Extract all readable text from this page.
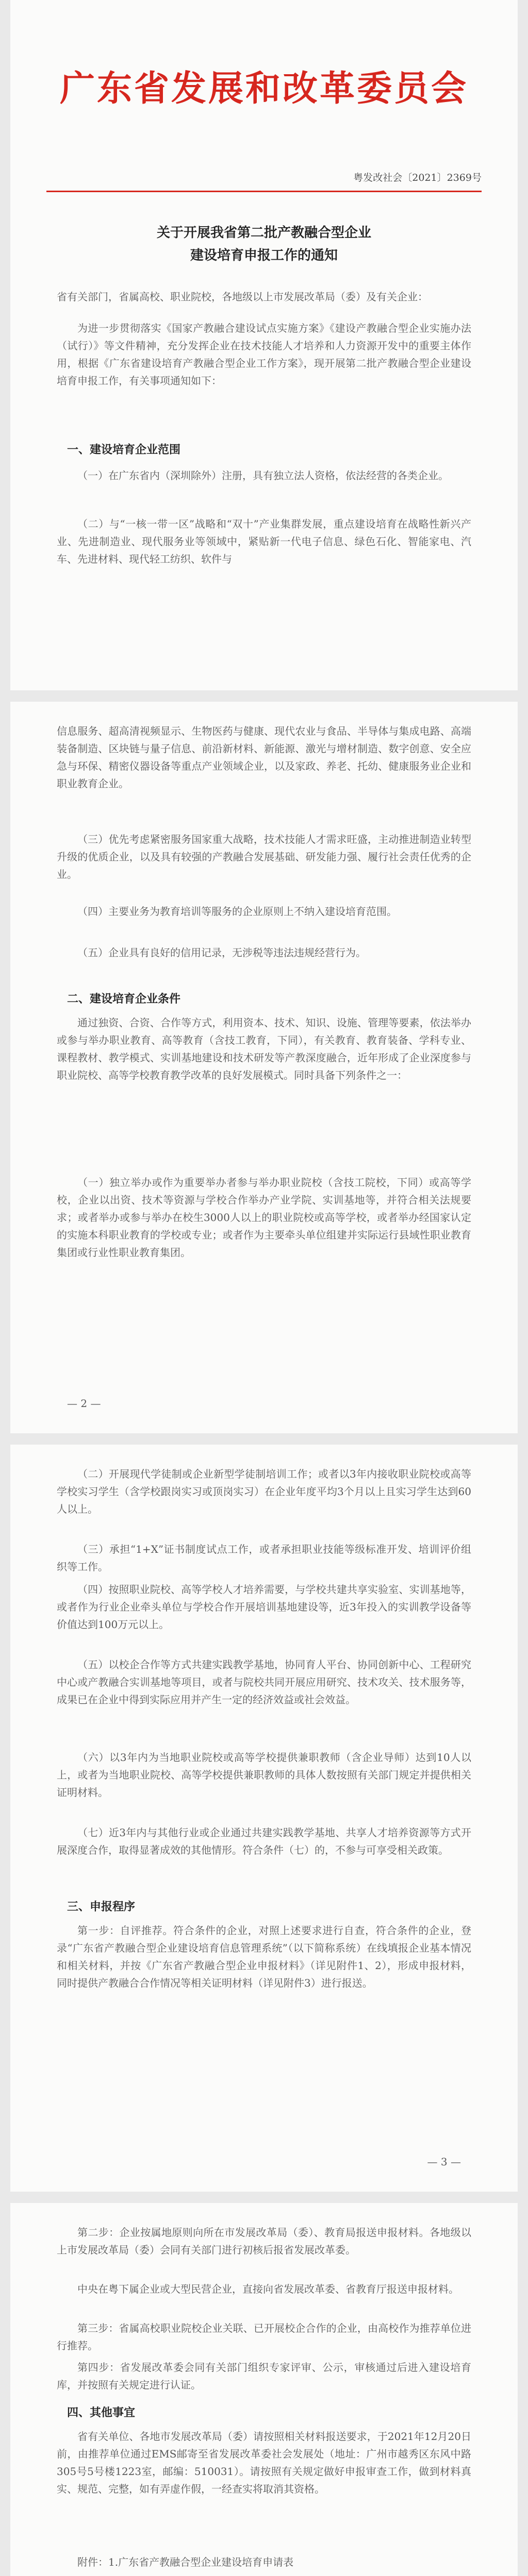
广东省发展和改革委员会
粤发改社会〔2021〕2369号
关于开展我省第二批产教融合型企业
建设培育申报工作的通知
省有关部门，省属高校、职业院校，各地级以上市发展改革局（委）及有关企业：
为进一步贯彻落实《国家产教融合建设试点实施方案》《建设产教融合型企业实施办法（试行）》等文件精神，充分发挥企业在技术技能人才培养和人力资源开发中的重要主体作用，根据《广东省建设培育产教融合型企业工作方案》，现开展第二批产教融合型企业建设培育申报工作，有关事项通知如下：
一、建设培育企业范围
（一）在广东省内（深圳除外）注册，具有独立法人资格，依法经营的各类企业。
（二）与“一核一带一区”战略和“双十”产业集群发展，重点建设培育在战略性新兴产业、先进制造业、现代服务业等领域中，紧贴新一代电子信息、绿色石化、智能家电、汽车、先进材料、现代轻工纺织、软件与
信息服务、超高清视频显示、生物医药与健康、现代农业与食品、半导体与集成电路、高端装备制造、区块链与量子信息、前沿新材料、新能源、激光与增材制造、数字创意、安全应急与环保、精密仪器设备等重点产业领域企业，以及家政、养老、托幼、健康服务业企业和职业教育企业。
（三）优先考虑紧密服务国家重大战略，技术技能人才需求旺盛，主动推进制造业转型升级的优质企业，以及具有较强的产教融合发展基础、研发能力强、履行社会责任优秀的企业。
（四）主要业务为教育培训等服务的企业原则上不纳入建设培育范围。
（五）企业具有良好的信用记录，无涉税等违法违规经营行为。
二、建设培育企业条件
通过独资、合资、合作等方式，利用资本、技术、知识、设施、管理等要素，依法举办或参与举办职业教育、高等教育（含技工教育，下同），有关教育、教育装备、学科专业、课程教材、教学模式、实训基地建设和技术研发等产教深度融合，近年形成了企业深度参与职业院校、高等学校教育教学改革的良好发展模式。同时具备下列条件之一：
（一）独立举办或作为重要举办者参与举办职业院校（含技工院校，下同）或高等学校，企业以出资、技术等资源与学校合作举办产业学院、实训基地等，并符合相关法规要求；或者举办或参与举办在校生3000人以上的职业院校或高等学校，或者举办经国家认定的实施本科职业教育的学校或专业；或者作为主要牵头单位组建并实际运行县域性职业教育集团或行业性职业教育集团。
— 2 —
（二）开展现代学徒制或企业新型学徒制培训工作；或者以3年内接收职业院校或高等学校实习学生（含学校跟岗实习或顶岗实习）在企业年度平均3个月以上且实习学生达到60人以上。
（三）承担“1+X”证书制度试点工作，或者承担职业技能等级标准开发、培训评价组织等工作。
（四）按照职业院校、高等学校人才培养需要，与学校共建共享实验室、实训基地等，或者作为行业企业牵头单位与学校合作开展培训基地建设等，近3年投入的实训教学设备等价值达到100万元以上。
（五）以校企合作等方式共建实践教学基地，协同育人平台、协同创新中心、工程研究中心或产教融合实训基地等项目，或者与院校共同开展应用研究、技术攻关、技术服务等，成果已在企业中得到实际应用并产生一定的经济效益或社会效益。
（六）以3年内为当地职业院校或高等学校提供兼职教师（含企业导师）达到10人以上，或者为当地职业院校、高等学校提供兼职教师的具体人数按照有关部门规定并提供相关证明材料。
（七）近3年内与其他行业或企业通过共建实践教学基地、共享人才培养资源等方式开展深度合作，取得显著成效的其他情形。符合条件（七）的，不参与可享受相关政策。
三、申报程序
第一步：自评推荐。符合条件的企业，对照上述要求进行自查，符合条件的企业，登录“广东省产教融合型企业建设培育信息管理系统”（以下简称系统）在线填报企业基本情况和相关材料，并按《广东省产教融合型企业申报材料》（详见附件1、2），形成申报材料，同时提供产教融合合作情况等相关证明材料（详见附件3）进行报送。
— 3 —
第二步：企业按属地原则向所在市发展改革局（委）、教育局报送申报材料。各地级以上市发展改革局（委）会同有关部门进行初核后报省发展改革委。
中央在粤下属企业或大型民营企业，直接向省发展改革委、省教育厅报送申报材料。
第三步：省属高校职业院校企业关联、已开展校企合作的企业，由高校作为推荐单位进行推荐。
第四步：省发展改革委会同有关部门组织专家评审、公示，审核通过后进入建设培育库，并按照有关规定进行认证。
四、其他事宜
省有关单位、各地市发展改革局（委）请按照相关材料报送要求，于2021年12月20日前，由推荐单位通过EMS邮寄至省发展改革委社会发展处（地址：广州市越秀区东风中路305号5号楼1223室，邮编：510031）。请按照有关规定做好申报审查工作，做到材料真实、规范、完整，如有弄虚作假，一经查实将取消其资格。
附件： 1.广东省产教融合型企业建设培育申请表
